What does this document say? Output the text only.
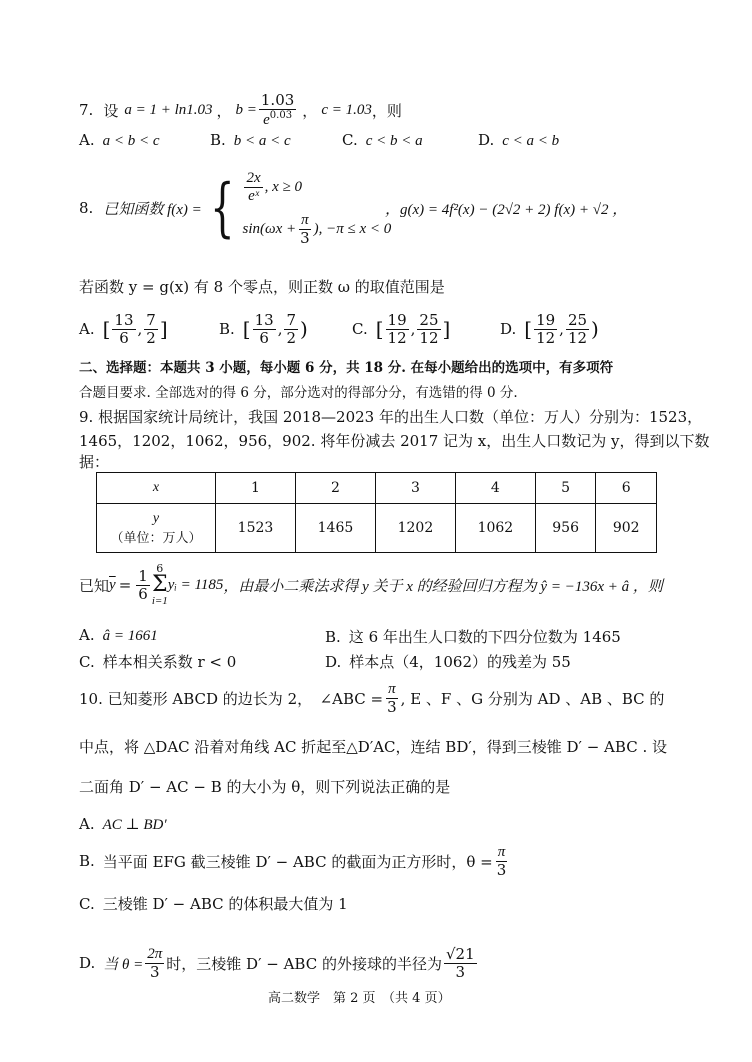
7. 设 a = 1 + ln1.03 ， $b = \frac{1.03}{e^{0.03}}$ ， c = 1.03 ，则
A. a < b < c	B. b < a < c	C. c < b < a	D. c < a < b
8. 已知函数 f(x) = { $\frac{2x}{\text{eˣ}}$ , x ≥ 0
$\sin(\omega x + \frac{\pi}{3}$ ), −π ≤ x < 0
，g(x) = 4f²(x) − (2√2 + 2) f(x) + √2 ，
若函数 y = g(x) 有 8 个零点，则正数 ω 的取值范围是
A. [ $\frac{13}{6}$ , $\frac{7}{2}$ ]	B. [ $\frac{13}{6}$ , $\frac{7}{2}$ )	C. [ $\frac{19}{12}$ , $\frac{25}{12}$ ]	D. [ $\frac{19}{12}$ , $\frac{25}{12}$ )
二、选择题：本题共 3 小题，每小题 6 分，共 18 分. 在每小题给出的选项中，有多项符
合题目要求. 全部选对的得 6 分，部分选对的得部分分，有选错的得 0 分.
9. 根据国家统计局统计，我国 2018—2023 年的出生人口数（单位：万人）分别为：1523，
1465，1202，1062，956，902. 将年份减去 2017 记为 x，出生人口数记为 y，得到以下数
据：
x	1	2	3	4	5	6

y
（单位：万人）	1523	1465	1202	1062	956	902
已知 $\overline{y} = \frac{1}{6} 6$
Σ
i=1
yᵢ = 1185 ，由最小二乘法求得 y 关于 x 的经验回归方程为 ŷ = −136x + â ，则
A. â = 1661	B. 这 6 年出生人口数的下四分位数为 1465
C. 样本相关系数 r < 0	D. 样本点（4，1062）的残差为 55
10. 已知菱形 ABCD 的边长为 2，　∠ABC = $\frac{\pi}{3}$ , E 、F 、G 分别为 AD 、AB 、BC 的
中点，将 △DAC 沿着对角线 AC 折起至△D′AC，连结 BD′，得到三棱锥 D′ − ABC . 设
二面角 D′ − AC − B 的大小为 θ，则下列说法正确的是
A. AC ⊥ BD′
B. 当平面 EFG 截三棱锥 D′ − ABC 的截面为正方形时，$\theta = \frac{\pi}{3}$
C. 三棱锥 D′ − ABC 的体积最大值为 1
D. 当 $\theta = \frac{2\pi}{3}$ 时，三棱锥 D′ − ABC 的外接球的半径为 $\frac{√21}{3}$
高二数学　第 2 页　（共 4 页）
